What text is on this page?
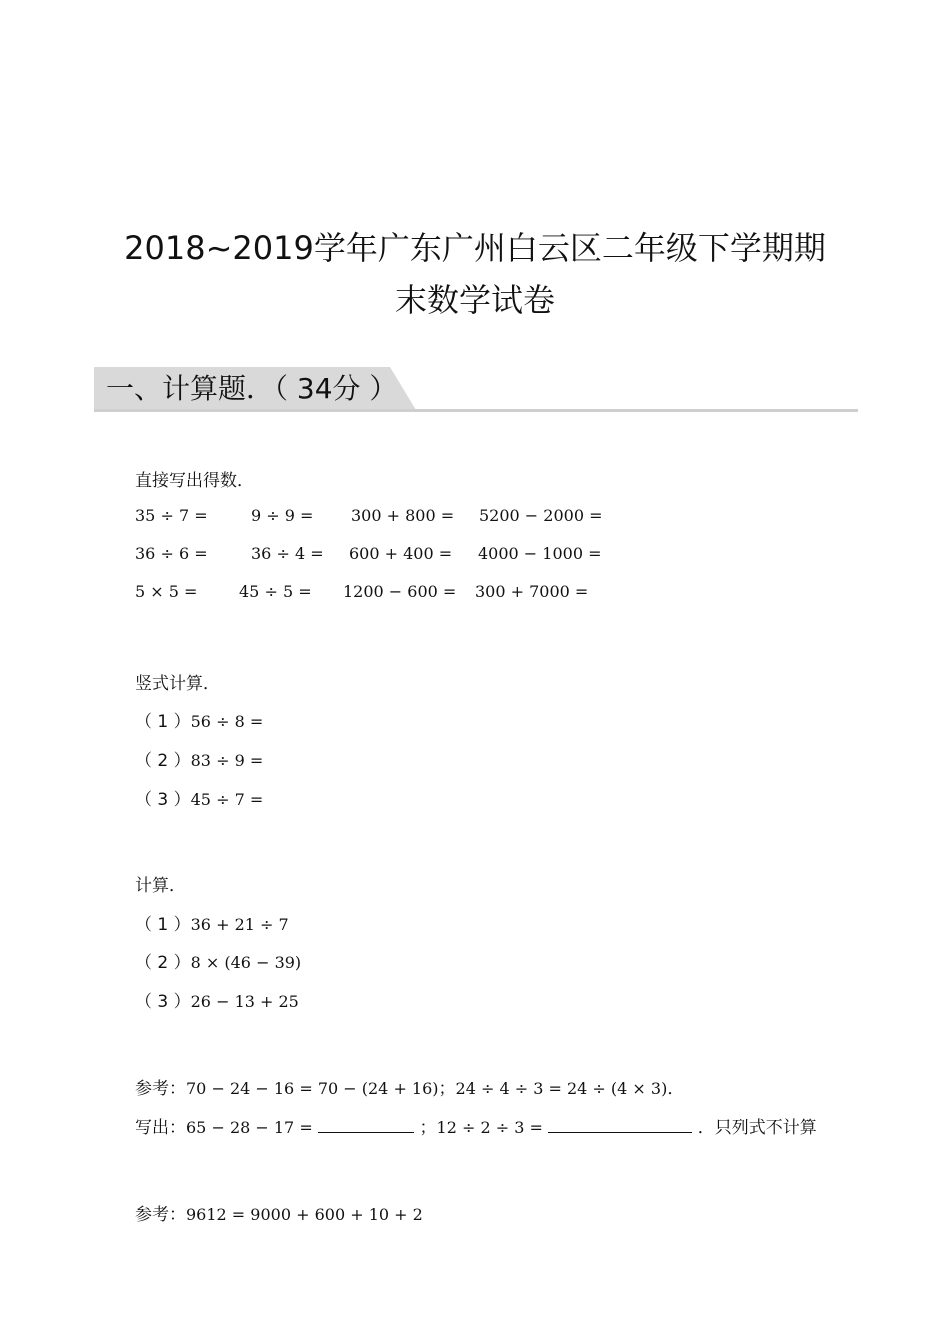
2018~2019学年广东广州白云区二年级下学期期
末数学试卷
一、计算题．（ 34分 ）
直接写出得数．
35 ÷ 7 =	9 ÷ 9 = 300 + 800 = 5200 − 2000 =
36 ÷ 6 =	36 ÷ 4 = 600 + 400 = 4000 − 1000 =
5 × 5 =	45 ÷ 5 = 1200 − 600 = 300 + 7000 =
竖式计算．
（ 1 ）56 ÷ 8 =
（ 2 ）83 ÷ 9 =
（ 3 ）45 ÷ 7 =
计算．
（ 1 ）36 + 21 ÷ 7
（ 2 ）8 × (46 − 39)
（ 3 ）26 − 13 + 25
参考：70 − 24 − 16 = 70 − (24 + 16)；24 ÷ 4 ÷ 3 = 24 ÷ (4 × 3)．
写出：65 − 28 − 17 =	；12 ÷ 2 ÷ 3 =	．只列式不计算
参考：9612 = 9000 + 600 + 10 + 2
